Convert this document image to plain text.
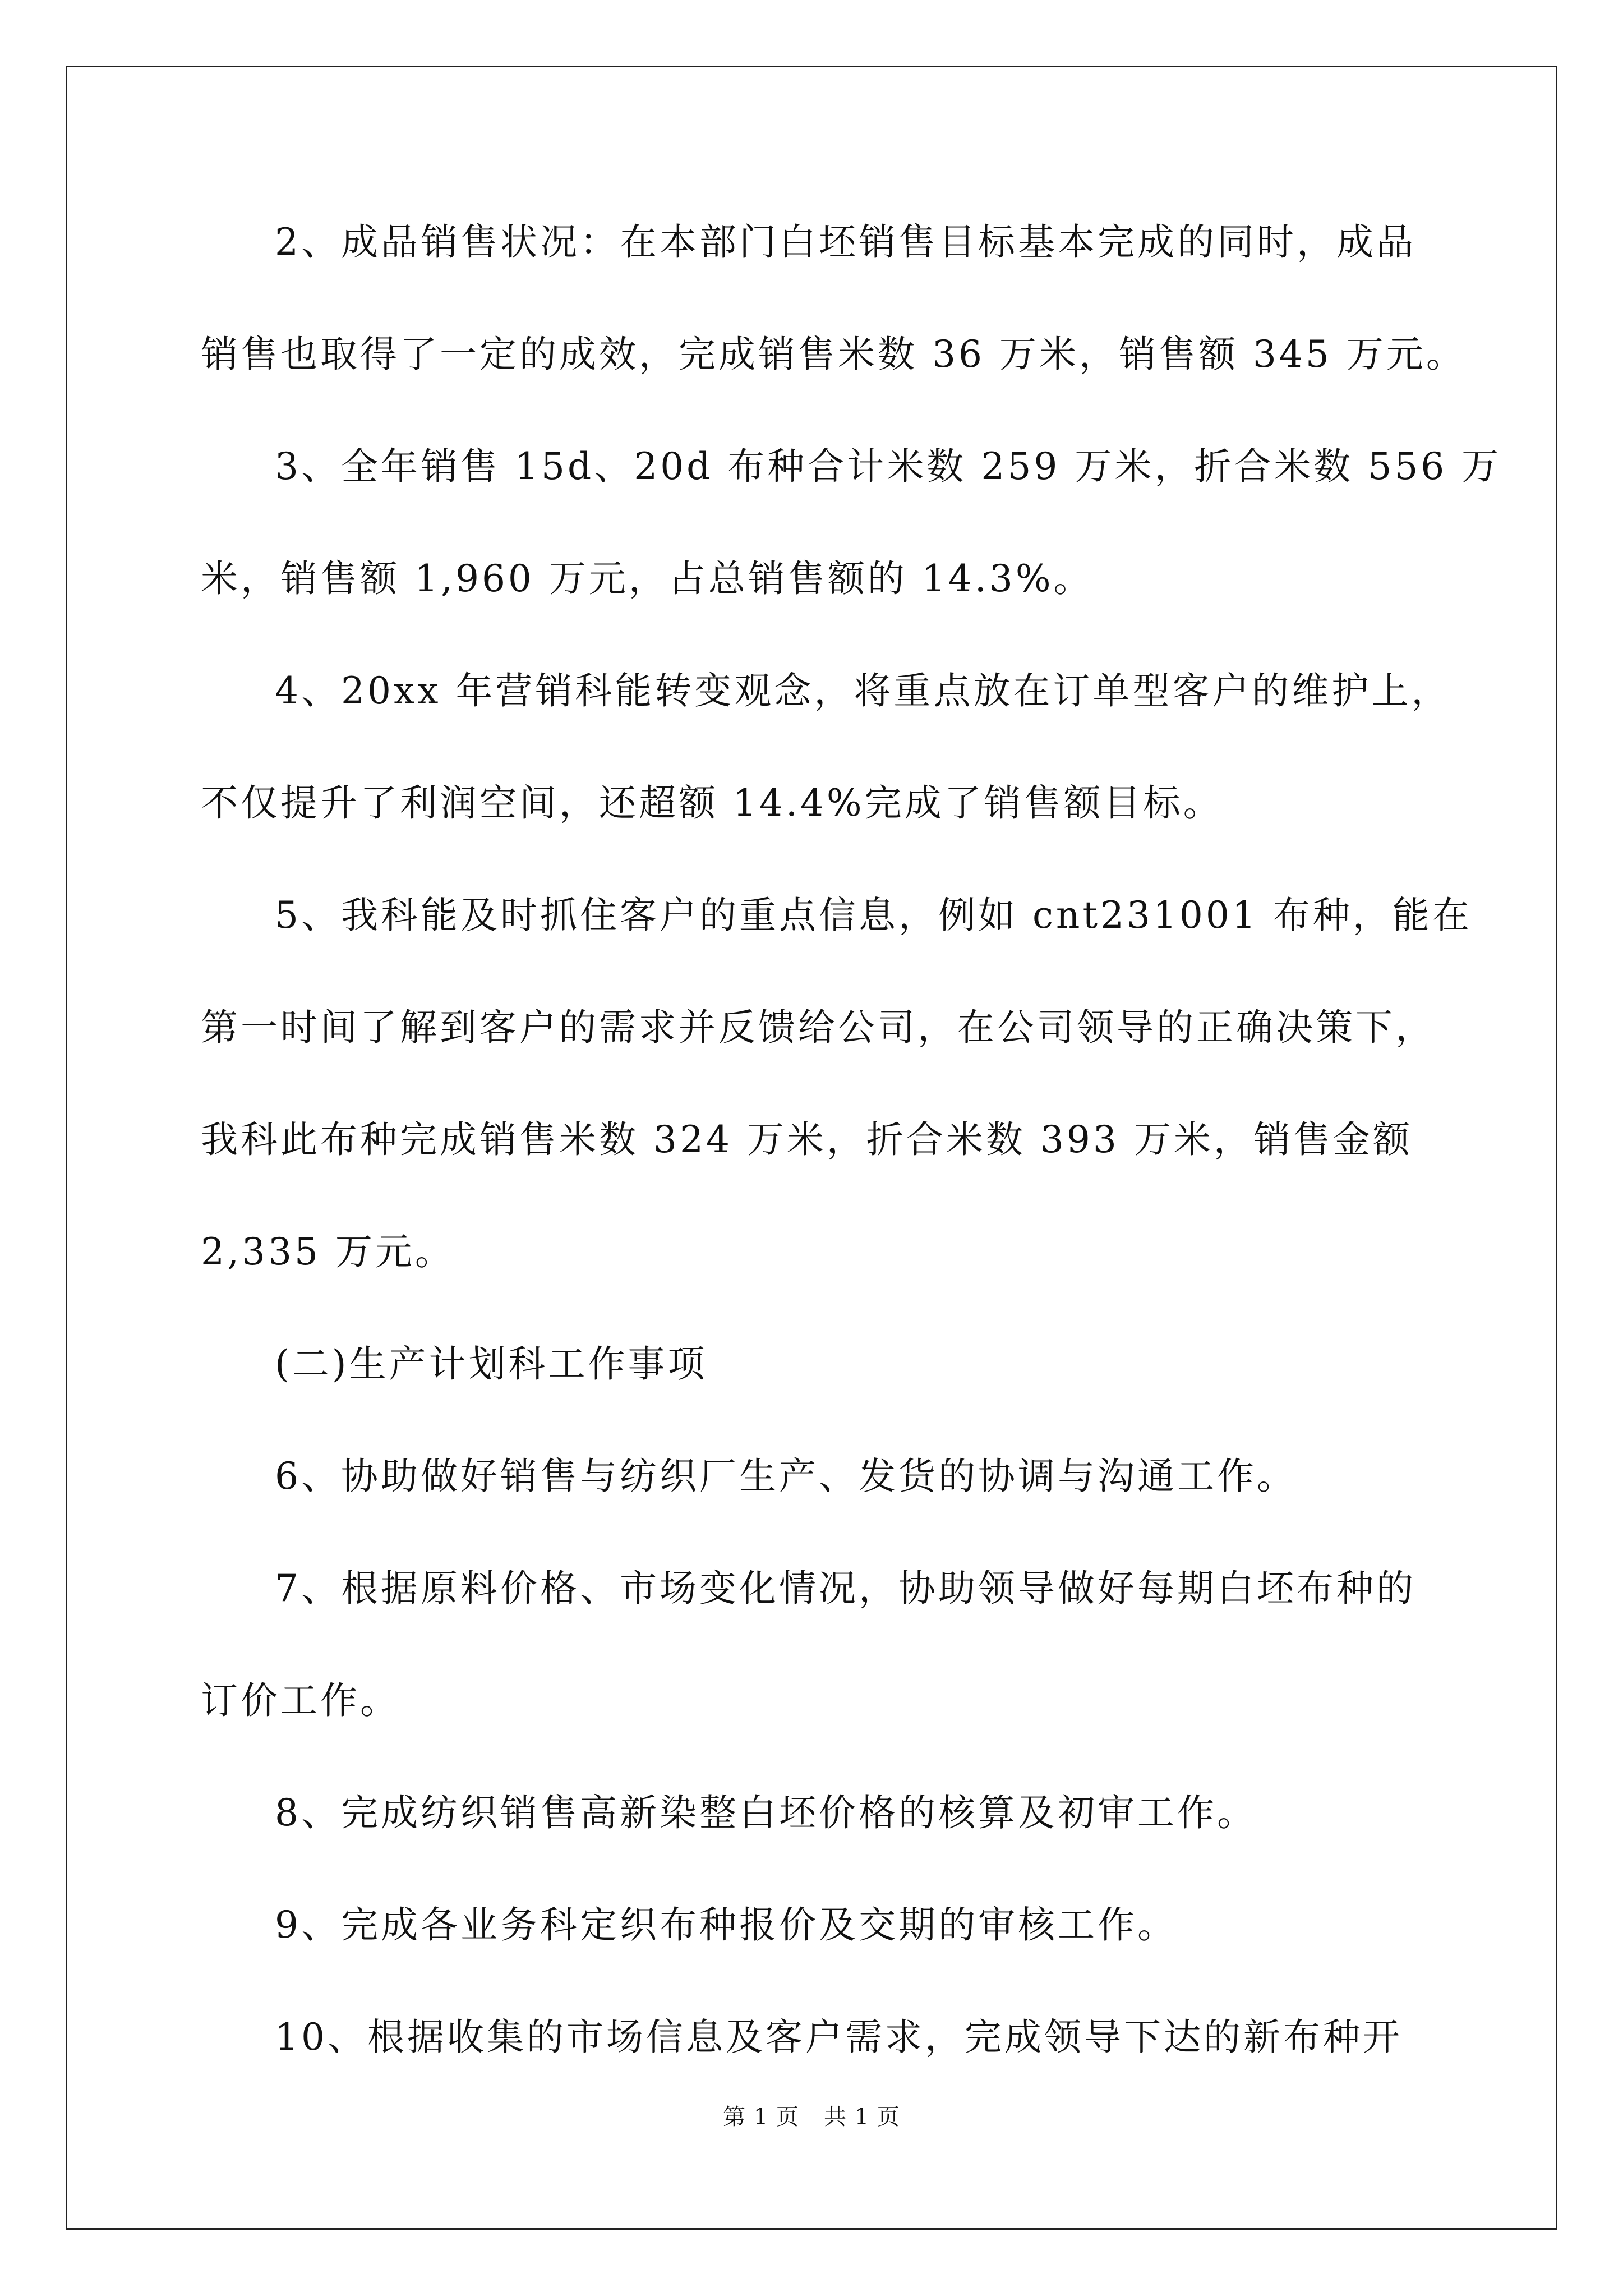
2、成品销售状况：在本部门白坯销售目标基本完成的同时，成品
销售也取得了一定的成效，完成销售米数 36 万米，销售额 345 万元。
3、全年销售 15d、20d 布种合计米数 259 万米，折合米数 556 万
米，销售额 1,960 万元，占总销售额的 14.3%。
4、20xx 年营销科能转变观念，将重点放在订单型客户的维护上，
不仅提升了利润空间，还超额 14.4%完成了销售额目标。
5、我科能及时抓住客户的重点信息，例如 cnt231001 布种，能在
第一时间了解到客户的需求并反馈给公司，在公司领导的正确决策下，
我科此布种完成销售米数 324 万米，折合米数 393 万米，销售金额
2,335 万元。
(二)生产计划科工作事项
6、协助做好销售与纺织厂生产、发货的协调与沟通工作。
7、根据原料价格、市场变化情况，协助领导做好每期白坯布种的
订价工作。
8、完成纺织销售高新染整白坯价格的核算及初审工作。
9、完成各业务科定织布种报价及交期的审核工作。
10、根据收集的市场信息及客户需求，完成领导下达的新布种开
第 1 页 共 1 页
